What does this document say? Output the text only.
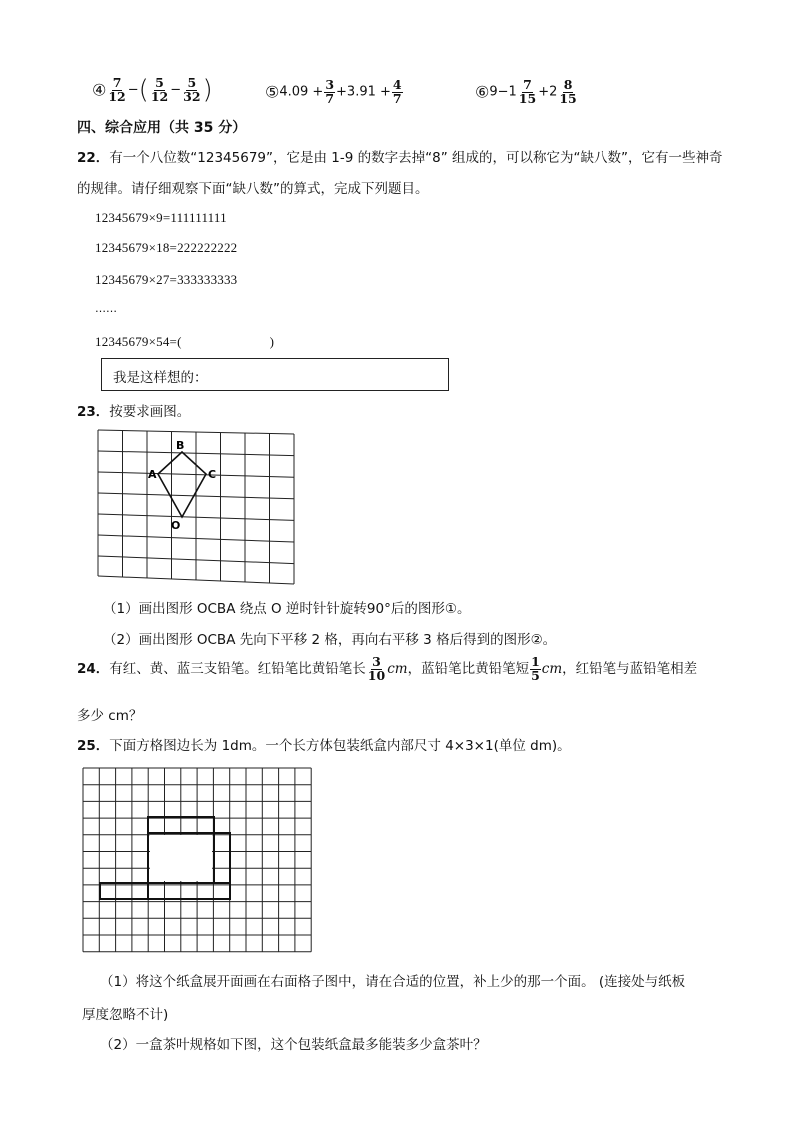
④ $\frac{7}{12}$ −( $\frac{5}{12} - \frac{5}{32}$ )	⑤4.09 + $\frac{3}{7} +3.91 + \frac{4}{7}$	⑥9−1 $\frac{7}{15} +2 \frac{8}{15}$
四、综合应用（共 35 分）
22．有一个八位数“12345679”，它是由 1-9 的数字去掉“8” 组成的，可以称它为“缺八数”，它有一些神奇
的规律。请仔细观察下面“缺八数”的算式，完成下列题目。
12345679×9=111111111
12345679×18=222222222
12345679×27=333333333
……
12345679×54=(	)
我是这样想的：
23．按要求画图。
B
A	C
O
（1）画出图形 OCBA 绕点 O 逆时针针旋转90°后的图形①。
（2）画出图形 OCBA 先向下平移 2 格，再向右平移 3 格后得到的图形②。
24．有红、黄、蓝三支铅笔。红铅笔比黄铅笔长 $\frac{3}{10}$ cm，蓝铅笔比黄铅笔短 $\frac{1}{5}$ cm，红铅笔与蓝铅笔相差
多少 cm？
25．下面方格图边长为 1dm。一个长方体包装纸盒内部尺寸 4×3×1(单位 dm)。
（1）将这个纸盒展开面画在右面格子图中，请在合适的位置，补上少的那一个面。 (连接处与纸板
厚度忽略不计)
（2）一盒茶叶规格如下图，这个包装纸盒最多能装多少盒茶叶？
